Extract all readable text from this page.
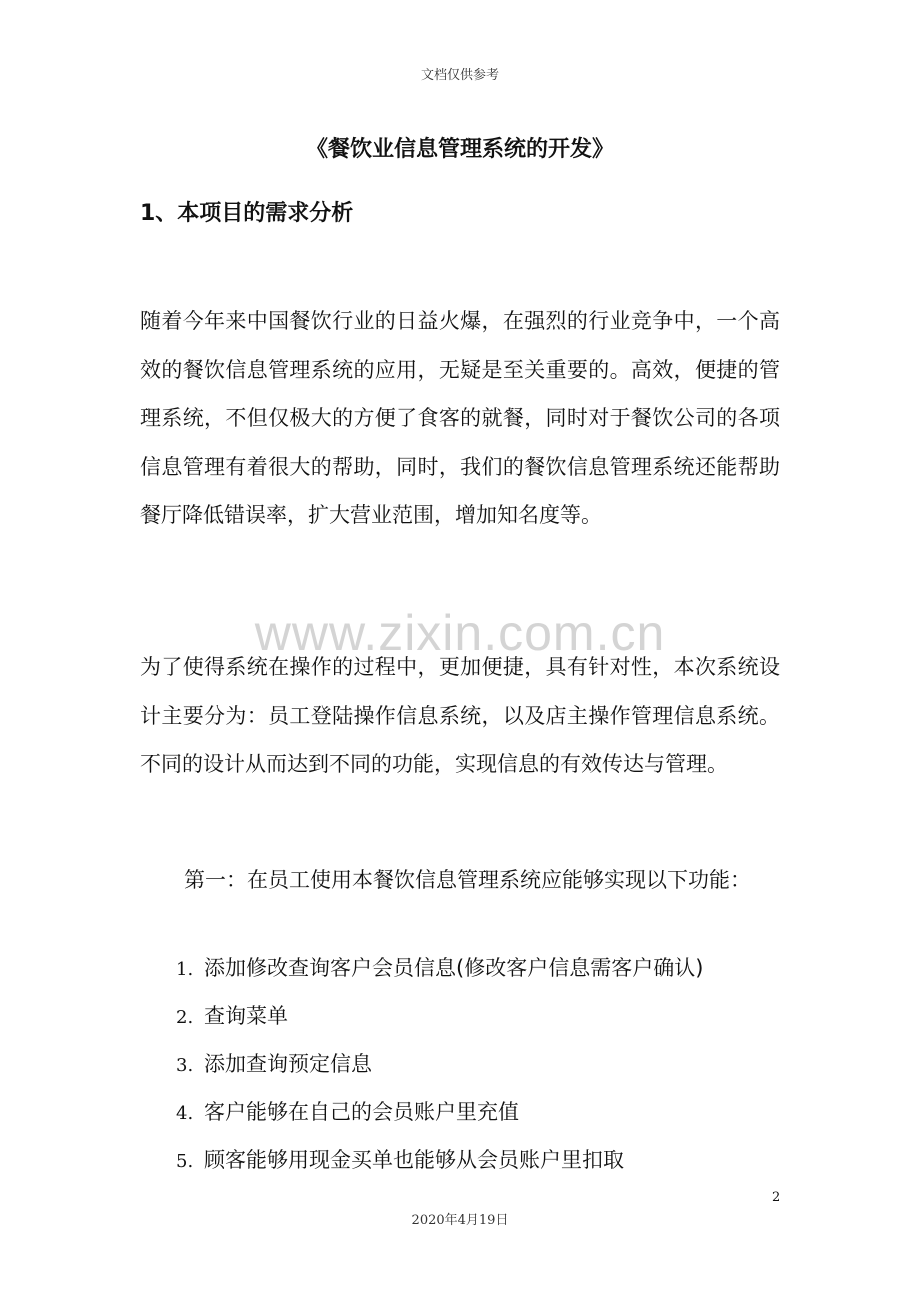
文档仅供参考
《餐饮业信息管理系统的开发》
1、本项目的需求分析
随着今年来中国餐饮行业的日益火爆，在强烈的行业竞争中，一个高效的餐饮信息管理系统的应用，无疑是至关重要的。高效，便捷的管理系统，不但仅极大的方便了食客的就餐，同时对于餐饮公司的各项信息管理有着很大的帮助，同时，我们的餐饮信息管理系统还能帮助餐厅降低错误率，扩大营业范围，增加知名度等。
www.zixin.com.cn
为了使得系统在操作的过程中，更加便捷，具有针对性，本次系统设计主要分为：员工登陆操作信息系统，以及店主操作管理信息系统。不同的设计从而达到不同的功能，实现信息的有效传达与管理。
第一：在员工使用本餐饮信息管理系统应能够实现以下功能：
1. 添加修改查询客户会员信息(修改客户信息需客户确认)
2. 查询菜单
3. 添加查询预定信息
4. 客户能够在自己的会员账户里充值
5. 顾客能够用现金买单也能够从会员账户里扣取
2
2020年4月19日
